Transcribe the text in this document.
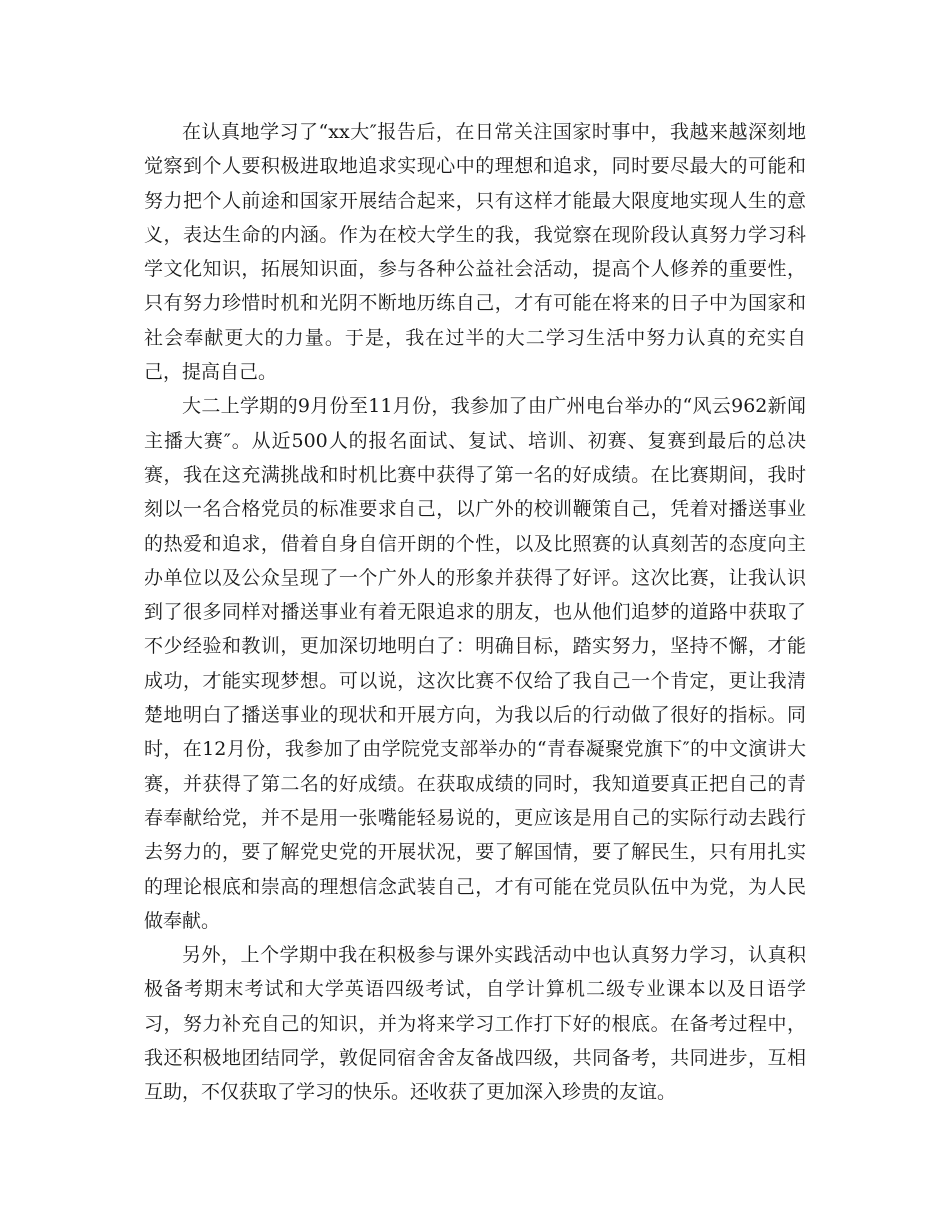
在认真地学习了“xx大″报告后，在日常关注国家时事中，我越来越深刻地觉察到个人要积极进取地追求实现心中的理想和追求，同时要尽最大的可能和努力把个人前途和国家开展结合起来，只有这样才能最大限度地实现人生的意义，表达生命的内涵。作为在校大学生的我，我觉察在现阶段认真努力学习科学文化知识，拓展知识面，参与各种公益社会活动，提高个人修养的重要性，只有努力珍惜时机和光阴不断地历练自己，才有可能在将来的日子中为国家和社会奉献更大的力量。于是，我在过半的大二学习生活中努力认真的充实自己，提高自己。

大二上学期的9月份至11月份，我参加了由广州电台举办的“风云962新闻主播大赛″。从近500人的报名面试、复试、培训、初赛、复赛到最后的总决赛，我在这充满挑战和时机比赛中获得了第一名的好成绩。在比赛期间，我时刻以一名合格党员的标准要求自己，以广外的校训鞭策自己，凭着对播送事业的热爱和追求，借着自身自信开朗的个性，以及比照赛的认真刻苦的态度向主办单位以及公众呈现了一个广外人的形象并获得了好评。这次比赛，让我认识到了很多同样对播送事业有着无限追求的朋友，也从他们追梦的道路中获取了不少经验和教训，更加深切地明白了：明确目标，踏实努力，坚持不懈，才能成功，才能实现梦想。可以说，这次比赛不仅给了我自己一个肯定，更让我清楚地明白了播送事业的现状和开展方向，为我以后的行动做了很好的指标。同时，在12月份，我参加了由学院党支部举办的“青春凝聚党旗下″的中文演讲大赛，并获得了第二名的好成绩。在获取成绩的同时，我知道要真正把自己的青春奉献给党，并不是用一张嘴能轻易说的，更应该是用自己的实际行动去践行去努力的，要了解党史党的开展状况，要了解国情，要了解民生，只有用扎实的理论根底和崇高的理想信念武装自己，才有可能在党员队伍中为党，为人民做奉献。

另外，上个学期中我在积极参与课外实践活动中也认真努力学习，认真积极备考期末考试和大学英语四级考试，自学计算机二级专业课本以及日语学习，努力补充自己的知识，并为将来学习工作打下好的根底。在备考过程中，我还积极地团结同学，敦促同宿舍舍友备战四级，共同备考，共同进步，互相互助，不仅获取了学习的快乐。还收获了更加深入珍贵的友谊。
